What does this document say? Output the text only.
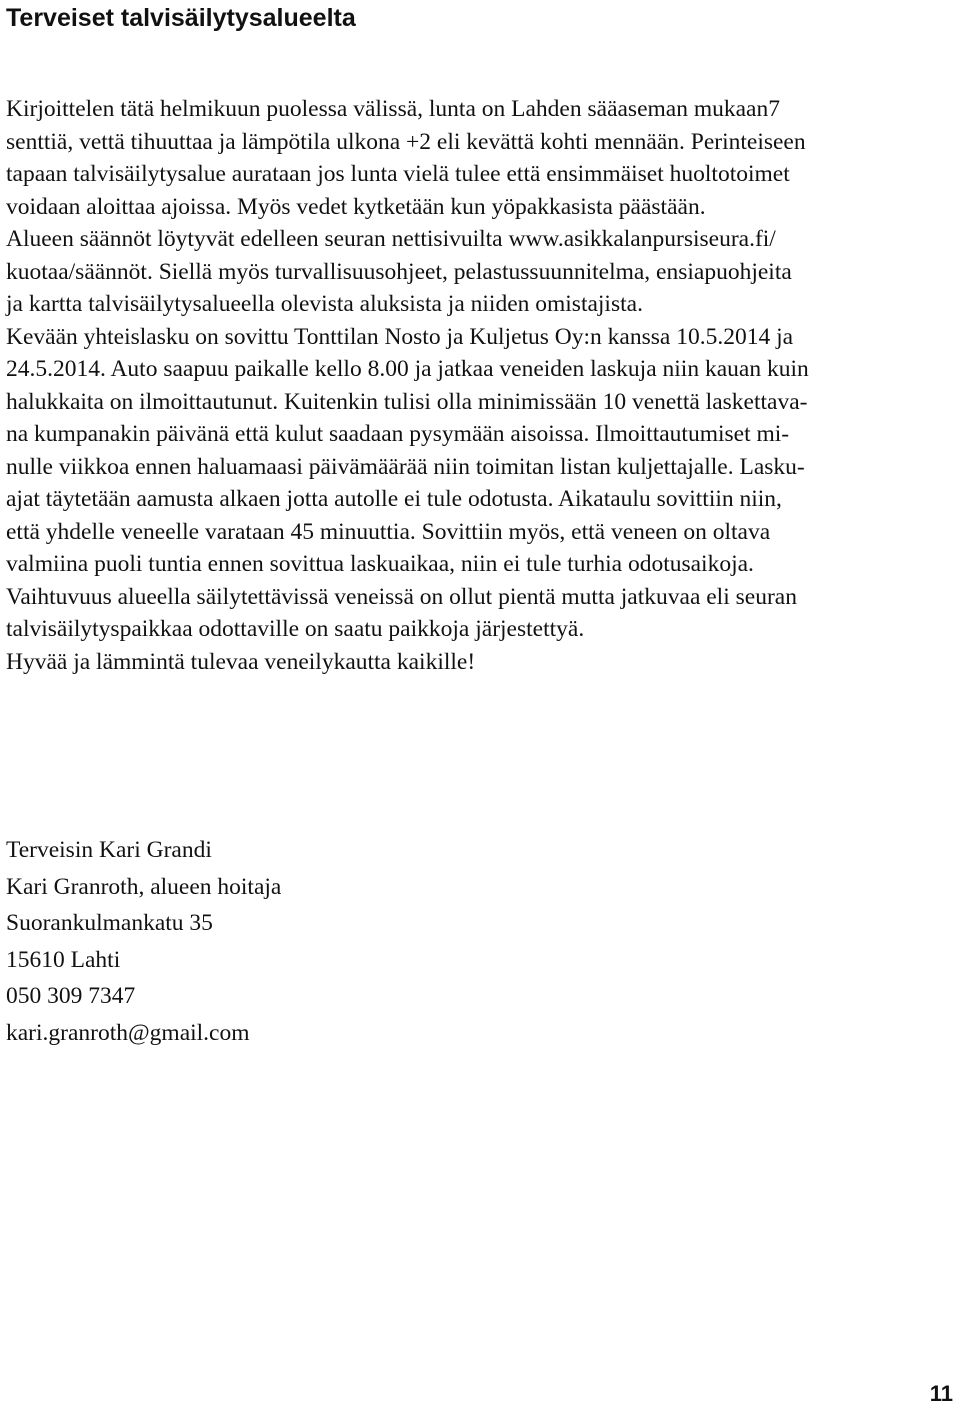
Terveiset talvisäilytysalueelta
Kirjoittelen tätä helmikuun puolessa välissä, lunta on Lahden sääaseman mukaan7
senttiä, vettä tihuuttaa ja lämpötila ulkona +2 eli kevättä kohti mennään. Perinteiseen
tapaan talvisäilytysalue aurataan jos lunta vielä tulee että ensimmäiset huoltotoimet
voidaan aloittaa ajoissa. Myös vedet kytketään kun yöpakkasista päästään.
Alueen säännöt löytyvät edelleen seuran nettisivuilta www.asikkalanpursiseura.fi/
kuotaa/säännöt. Siellä myös turvallisuusohjeet, pelastussuunnitelma, ensiapuohjeita
ja kartta talvisäilytysalueella olevista aluksista ja niiden omistajista.
Kevään yhteislasku on sovittu Tonttilan Nosto ja Kuljetus Oy:n kanssa 10.5.2014 ja
24.5.2014. Auto saapuu paikalle kello 8.00 ja jatkaa veneiden laskuja niin kauan kuin
halukkaita on ilmoittautunut. Kuitenkin tulisi olla minimissään 10 venettä laskettava-
na kumpanakin päivänä että kulut saadaan pysymään aisoissa. Ilmoittautumiset mi-
nulle viikkoa ennen haluamaasi päivämäärää niin toimitan listan kuljettajalle. Lasku-
ajat täytetään aamusta alkaen jotta autolle ei tule odotusta. Aikataulu sovittiin niin,
että yhdelle veneelle varataan 45 minuuttia. Sovittiin myös, että veneen on oltava
valmiina puoli tuntia ennen sovittua laskuaikaa, niin ei tule turhia odotusaikoja.
Vaihtuvuus alueella säilytettävissä veneissä on ollut pientä mutta jatkuvaa eli seuran
talvisäilytyspaikkaa odottaville on saatu paikkoja järjestettyä.
Hyvää ja lämmintä tulevaa veneilykautta kaikille!
Terveisin Kari Grandi
Kari Granroth, alueen hoitaja
Suorankulmankatu 35
15610 Lahti
050 309 7347
kari.granroth@gmail.com
11
